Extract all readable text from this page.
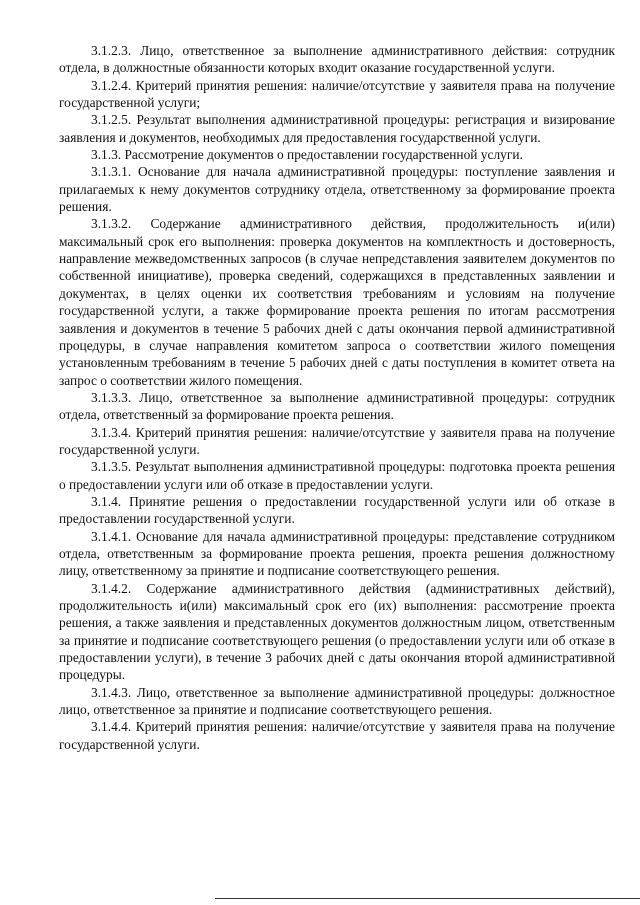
3.1.2.3. Лицо, ответственное за выполнение административного действия: сотрудник отдела, в должностные обязанности которых входит оказание государственной услуги.

3.1.2.4. Критерий принятия решения: наличие/отсутствие у заявителя права на получение государственной услуги;

3.1.2.5. Результат выполнения административной процедуры: регистрация и визирование заявления и документов, необходимых для предоставления государственной услуги.

3.1.3. Рассмотрение документов о предоставлении государственной услуги.

3.1.3.1. Основание для начала административной процедуры: поступление заявления и прилагаемых к нему документов сотруднику отдела, ответственному за формирование проекта решения.

3.1.3.2. Содержание административного действия, продолжительность и(или) максимальный срок его выполнения: проверка документов на комплектность и достоверность, направление межведомственных запросов (в случае непредставления заявителем документов по собственной инициативе), проверка сведений, содержащихся в представленных заявлении и документах, в целях оценки их соответствия требованиям и условиям на получение государственной услуги, а также формирование проекта решения по итогам рассмотрения заявления и документов в течение 5 рабочих дней с даты окончания первой административной процедуры, в случае направления комитетом запроса о соответствии жилого помещения установленным требованиям в течение 5 рабочих дней с даты поступления в комитет ответа на запрос о соответствии жилого помещения.

3.1.3.3. Лицо, ответственное за выполнение административной процедуры: сотрудник отдела, ответственный за формирование проекта решения.

3.1.3.4. Критерий принятия решения: наличие/отсутствие у заявителя права на получение государственной услуги.

3.1.3.5. Результат выполнения административной процедуры: подготовка проекта решения о предоставлении услуги или об отказе в предоставлении услуги.

3.1.4. Принятие решения о предоставлении государственной услуги или об отказе в предоставлении государственной услуги.

3.1.4.1. Основание для начала административной процедуры: представление сотрудником отдела, ответственным за формирование проекта решения, проекта решения должностному лицу, ответственному за принятие и подписание соответствующего решения.

3.1.4.2. Содержание административного действия (административных действий), продолжительность и(или) максимальный срок его (их) выполнения: рассмотрение проекта решения, а также заявления и представленных документов должностным лицом, ответственным за принятие и подписание соответствующего решения (о предоставлении услуги или об отказе в предоставлении услуги), в течение 3 рабочих дней с даты окончания второй административной процедуры.

3.1.4.3. Лицо, ответственное за выполнение административной процедуры: должностное лицо, ответственное за принятие и подписание соответствующего решения.

3.1.4.4. Критерий принятия решения: наличие/отсутствие у заявителя права на получение государственной услуги.
